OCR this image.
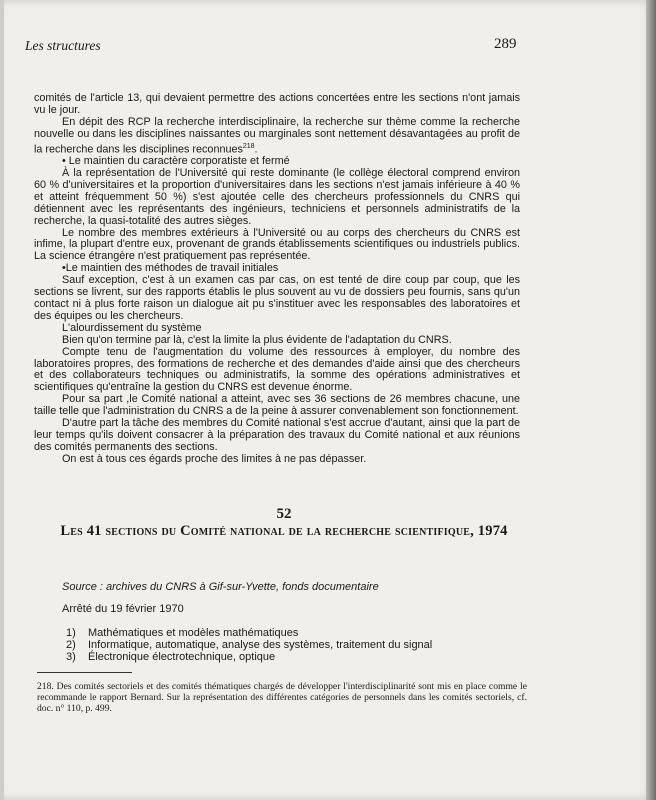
Les structures	289

comités de l'article 13, qui devaient permettre des actions concertées entre les sections n'ont jamais vu le jour.

En dépit des RCP la recherche interdisciplinaire, la recherche sur thème comme la recherche nouvelle ou dans les disciplines naissantes ou marginales sont nettement désavantagées au profit de la recherche dans les disciplines reconnues$^{218}$.

• Le maintien du caractère corporatiste et fermé

À la représentation de l'Université qui reste dominante (le collège électoral comprend environ 60 % d'universitaires et la proportion d'universitaires dans les sections n'est jamais inférieure à 40 % et atteint fréquemment 50 %) s'est ajoutée celle des chercheurs professionnels du CNRS qui détiennent avec les représentants des ingénieurs, techniciens et personnels administratifs de la recherche, la quasi-totalité des autres sièges.

Le nombre des membres extérieurs à l'Université ou au corps des chercheurs du CNRS est infime, la plupart d'entre eux, provenant de grands établissements scientifiques ou industriels publics. La science étrangère n'est pratiquement pas représentée.

•Le maintien des méthodes de travail initiales

Sauf exception, c'est à un examen cas par cas, on est tenté de dire coup par coup, que les sections se livrent, sur des rapports établis le plus souvent au vu de dossiers peu fournis, sans qu'un contact ni à plus forte raison un dialogue ait pu s'instituer avec les responsables des laboratoires et des équipes ou les chercheurs.

L'alourdissement du système

Bien qu'on termine par là, c'est la limite la plus évidente de l'adaptation du CNRS.

Compte tenu de l'augmentation du volume des ressources à employer, du nombre des laboratoires propres, des formations de recherche et des demandes d'aide ainsi que des chercheurs et des collaborateurs techniques ou administratifs, la somme des opérations administratives et scientifiques qu'entraîne la gestion du CNRS est devenue énorme.

Pour sa part ,le Comité national a atteint, avec ses 36 sections de 26 membres chacune, une taille telle que l'administration du CNRS a de la peine à assurer convenablement son fonctionnement.

D'autre part la tâche des membres du Comité national s'est accrue d'autant, ainsi que la part de leur temps qu'ils doivent consacrer à la préparation des travaux du Comité national et aux réunions des comités permanents des sections.

On est à tous ces égards proche des limites à ne pas dépasser.

52
Les 41 sections du Comité national de la recherche scientifique, 1974
Source : archives du CNRS à Gif-sur-Yvette, fonds documentaire
Arrêté du 19 février 1970
1)	Mathématiques et modèles mathématiques
2)	Informatique, automatique, analyse des systèmes, traitement du signal
3)	Électronique électrotechnique, optique
218. Des comités sectoriels et des comités thématiques chargés de développer l'interdisciplinarité sont mis en place comme le recommande le rapport Bernard. Sur la représentation des différentes catégories de personnels dans les comités sectoriels, cf. doc. n° 110, p. 499.
